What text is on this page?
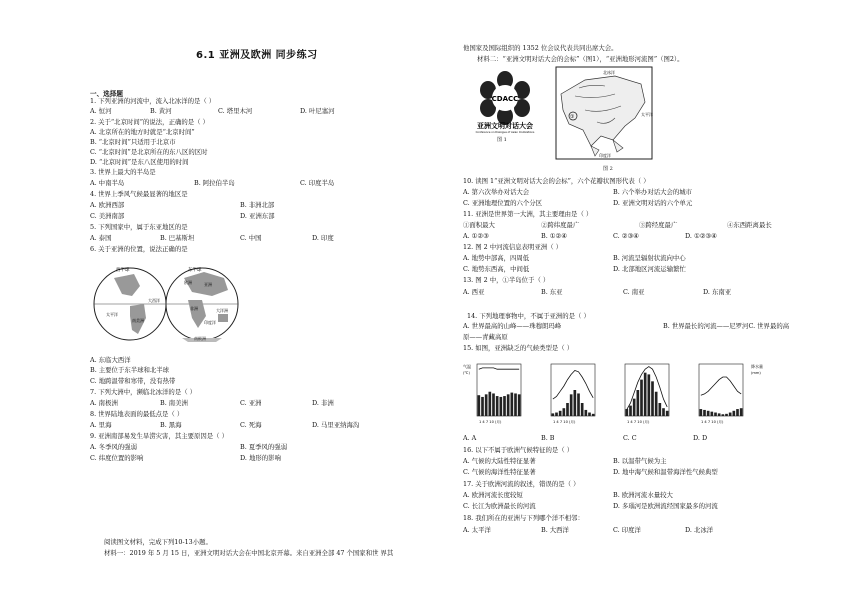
6.1 亚洲及欧洲 同步练习
一、选择题
1. 下列亚洲的河流中，流入北冰洋的是（ ）
A. 恒河	B. 黄河	C. 塔里木河	D. 叶尼塞河
2. 关于“北京时间”的说法，正确的是（ ）
A. 北京所在的地方时就是“北京时间”
B. “北京时间”只适用于北京市
C. “北京时间”是北京所在的东八区的区时
D. “北京时间”是东八区使用的时间
3. 世界上最大的半岛是
A. 中南半岛	B. 阿拉伯半岛	C. 印度半岛
4. 世界上季风气候最显著的地区是
A. 欧洲西部	B. 非洲北部
C. 美洲南部	D. 亚洲东部
5. 下列国家中，属于东亚地区的是
A. 泰国	B. 巴基斯坦	C. 中国	D. 印度
6. 关于亚洲的位置，说法正确的是
西半球	东半球
太平洋
大西洋
南美洲
亚洲
欧洲
非洲
印度洋
大洋洲
南极洲
A. 东临大西洋
B. 主要位于东半球和北半球
C. 地跨温带和寒带，没有热带
7. 下列大洲中，濒临北冰洋的是（ ）
A. 南极洲	B. 南美洲	C. 亚洲	D. 非洲
8. 世界陆地表面的最低点是（ ）
A. 里海	B. 黑海	C. 死海	D. 马里亚纳海沟
9. 亚洲南部易发生旱涝灾害，其主要原因是（ ）
A. 冬季风的强弱	B. 夏季风的强弱
C. 纬度位置的影响	D. 地形的影响
阅读图文材料，完成下列10-13小题。
材料一：2019 年 5 月 15 日，亚洲文明对话大会在中国北京开幕。来自亚洲全部 47 个国家和世 界其
他国家及国际组织的 1352 位会议代表共同出席大会。
材料二：“亚洲文明对话大会的会标”（图1），“亚洲地形河流图”（图2）。
CDACC
亚洲文明对话大会
Conference on Dialogue of Asian Civilizations
图 1
北冰洋
太平洋
①
印度洋
图 2
10. 读图 1“亚洲文明对话大会的会标”，六个花瓣状图形代表（ ）
A. 第六次举办对话大会	B. 六个举办对话大会的城市
C. 亚洲地理位置的六个分区	D. 亚洲文明对话的六个单元
11. 亚洲是世界第一大洲，其主要理由是（ ）
①面积最大	②跨纬度最广	③跨经度最广	④东西距离最长
A. ①②③	B. ①②④	C. ②③④	D. ①②③④
12. 图 2 中河流信息表明亚洲（ ）
A. 地势中部高，四周低	B. 河流呈辐射状流向中心
C. 地势东西高，中间低	D. 北部地区河流运输繁忙
13. 图 2 中，①半岛位于（ ）
A. 西亚	B. 东亚	C. 南亚	D. 东南亚
14. 下列地理事物中，不属于亚洲的是（ ）
A. 世界最高的山峰——珠穆朗玛峰	B. 世界最长的河流——尼罗河C. 世界最的高
原——青藏高原
15. 如图，亚洲缺乏的气候类型是（ ）
1 4 7 10 (月)	1 4 7 10 (月)	1 4 7 10 (月)	1 4 7 10 (月)
气温
(℃)
降水量
(mm)
A. A	B. B	C. C	D. D
16. 以下不属于欧洲气候特征的是（ ）
A. 气候的大陆性特征显著	B. 以温带气候为主
C. 气候的海洋性特征显著	D. 地中海气候和温带海洋性气候典型
17. 关于欧洲河流的叙述，错误的是（ ）
A. 欧洲河流长度较短	B. 欧洲河流水量较大
C. 长江为欧洲最长的河流	D. 多瑙河是欧洲流经国家最多的河流
18. 我们所在的亚洲与下列哪个洋不相邻：
A. 太平洋	B. 大西洋	C. 印度洋	D. 北冰洋
